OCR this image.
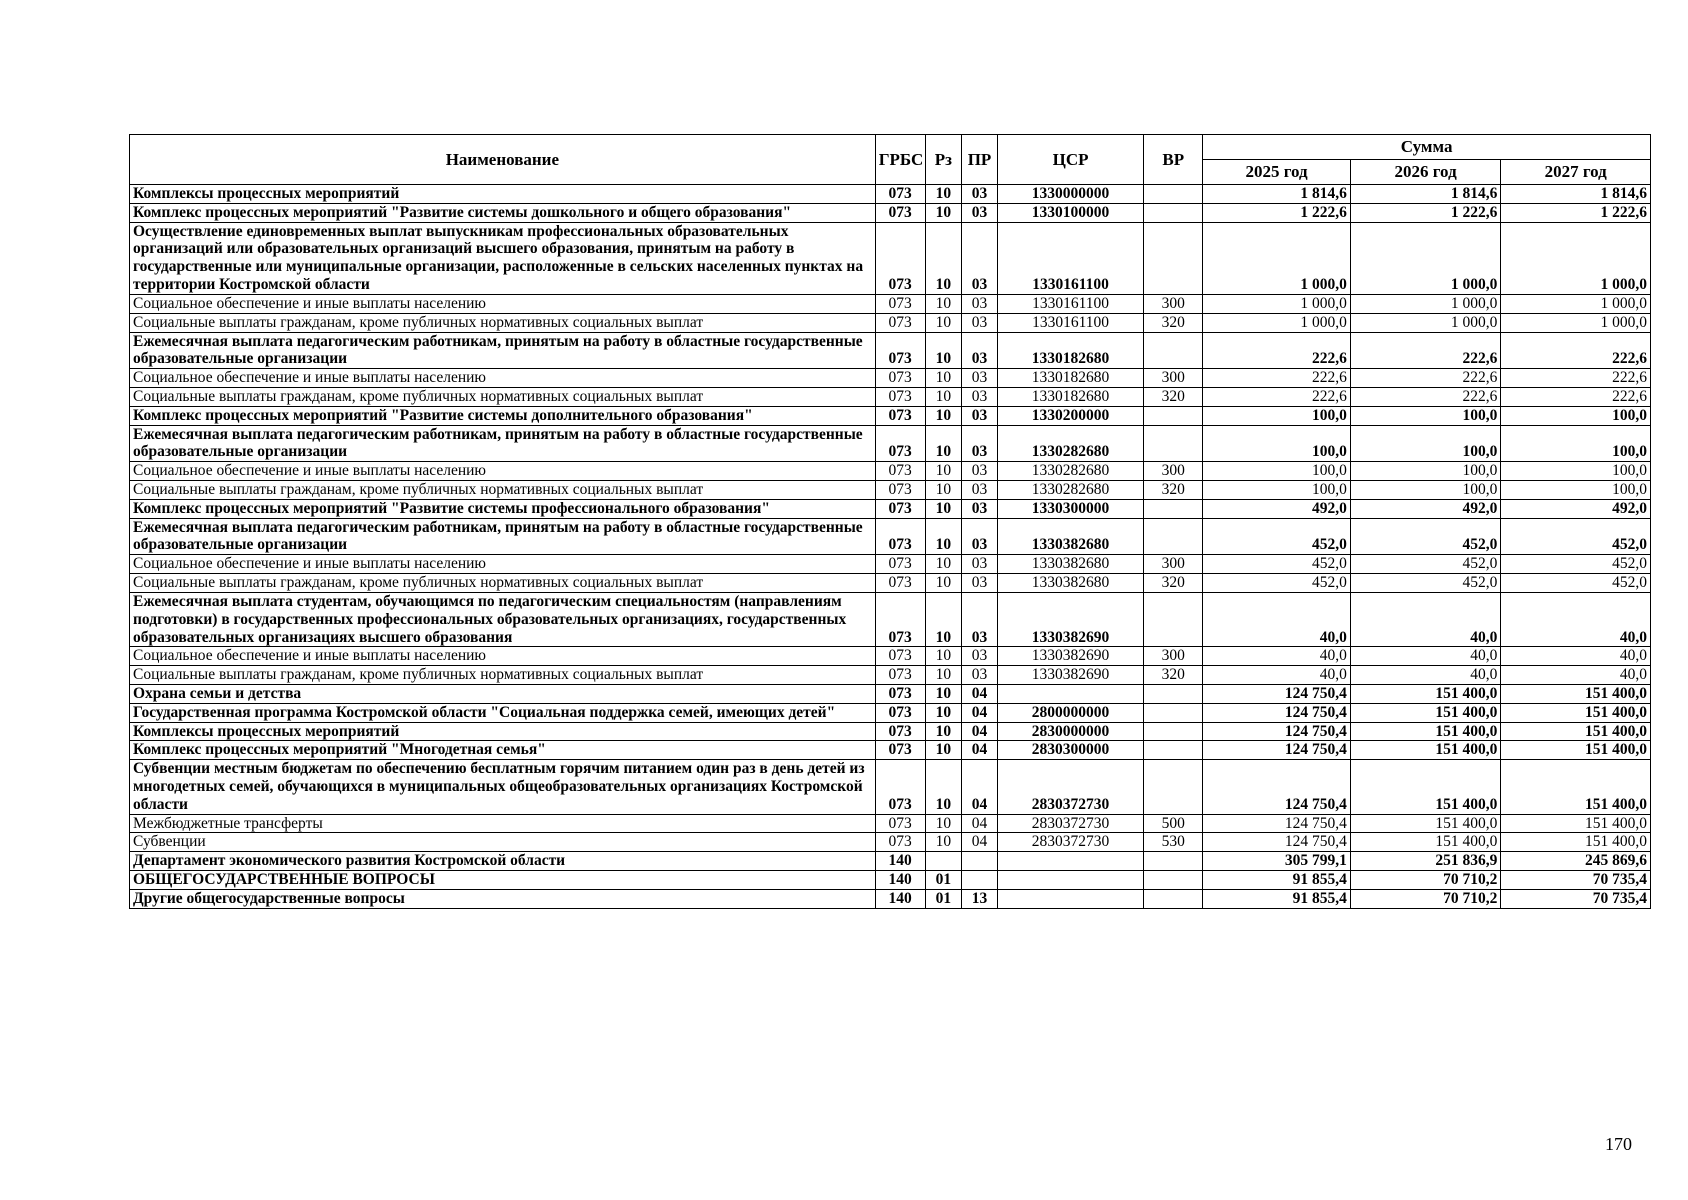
Наименование	ГРБС	Рз	ПР	ЦСР	ВР	Сумма		
						2025 год	2026 год	2027 год
Комплексы процессных мероприятий	073	10	03	1330000000		1 814,6	1 814,6	1 814,6
Комплекс процессных мероприятий "Развитие системы дошкольного и общего образования"	073	10	03	1330100000		1 222,6	1 222,6	1 222,6
Осуществление единовременных выплат выпускникам профессиональных образовательных организаций или образовательных организаций высшего образования, принятым на работу в государственные или муниципальные организации, расположенные в сельских населенных пунктах на территории Костромской области	073	10	03	1330161100		1 000,0	1 000,0	1 000,0
Социальное обеспечение и иные выплаты населению	073	10	03	1330161100	300	1 000,0	1 000,0	1 000,0
Социальные выплаты гражданам, кроме публичных нормативных социальных выплат	073	10	03	1330161100	320	1 000,0	1 000,0	1 000,0
Ежемесячная выплата педагогическим работникам, принятым на работу в областные государственные образовательные организации	073	10	03	1330182680		222,6	222,6	222,6
Социальное обеспечение и иные выплаты населению	073	10	03	1330182680	300	222,6	222,6	222,6
Социальные выплаты гражданам, кроме публичных нормативных социальных выплат	073	10	03	1330182680	320	222,6	222,6	222,6
Комплекс процессных мероприятий "Развитие системы дополнительного образования"	073	10	03	1330200000		100,0	100,0	100,0
Ежемесячная выплата педагогическим работникам, принятым на работу в областные государственные образовательные организации	073	10	03	1330282680		100,0	100,0	100,0
Социальное обеспечение и иные выплаты населению	073	10	03	1330282680	300	100,0	100,0	100,0
Социальные выплаты гражданам, кроме публичных нормативных социальных выплат	073	10	03	1330282680	320	100,0	100,0	100,0
Комплекс процессных мероприятий "Развитие системы профессионального образования"	073	10	03	1330300000		492,0	492,0	492,0
Ежемесячная выплата педагогическим работникам, принятым на работу в областные государственные образовательные организации	073	10	03	1330382680		452,0	452,0	452,0
Социальное обеспечение и иные выплаты населению	073	10	03	1330382680	300	452,0	452,0	452,0
Социальные выплаты гражданам, кроме публичных нормативных социальных выплат	073	10	03	1330382680	320	452,0	452,0	452,0
Ежемесячная выплата студентам, обучающимся по педагогическим специальностям (направлениям подготовки) в государственных профессиональных образовательных организациях, государственных образовательных организациях высшего образования	073	10	03	1330382690		40,0	40,0	40,0
Социальное обеспечение и иные выплаты населению	073	10	03	1330382690	300	40,0	40,0	40,0
Социальные выплаты гражданам, кроме публичных нормативных социальных выплат	073	10	03	1330382690	320	40,0	40,0	40,0
Охрана семьи и детства	073	10	04			124 750,4	151 400,0	151 400,0
Государственная программа Костромской области "Социальная поддержка семей, имеющих детей"	073	10	04	2800000000		124 750,4	151 400,0	151 400,0
Комплексы процессных мероприятий	073	10	04	2830000000		124 750,4	151 400,0	151 400,0
Комплекс процессных мероприятий "Многодетная семья"	073	10	04	2830300000		124 750,4	151 400,0	151 400,0
Субвенции местным бюджетам по обеспечению бесплатным горячим питанием один раз в день детей из многодетных семей, обучающихся в муниципальных общеобразовательных организациях Костромской области	073	10	04	2830372730		124 750,4	151 400,0	151 400,0
Межбюджетные трансферты	073	10	04	2830372730	500	124 750,4	151 400,0	151 400,0
Субвенции	073	10	04	2830372730	530	124 750,4	151 400,0	151 400,0
Департамент экономического развития Костромской области	140					305 799,1	251 836,9	245 869,6
ОБЩЕГОСУДАРСТВЕННЫЕ ВОПРОСЫ	140	01				91 855,4	70 710,2	70 735,4
Другие общегосударственные вопросы	140	01	13			91 855,4	70 710,2	70 735,4
170
